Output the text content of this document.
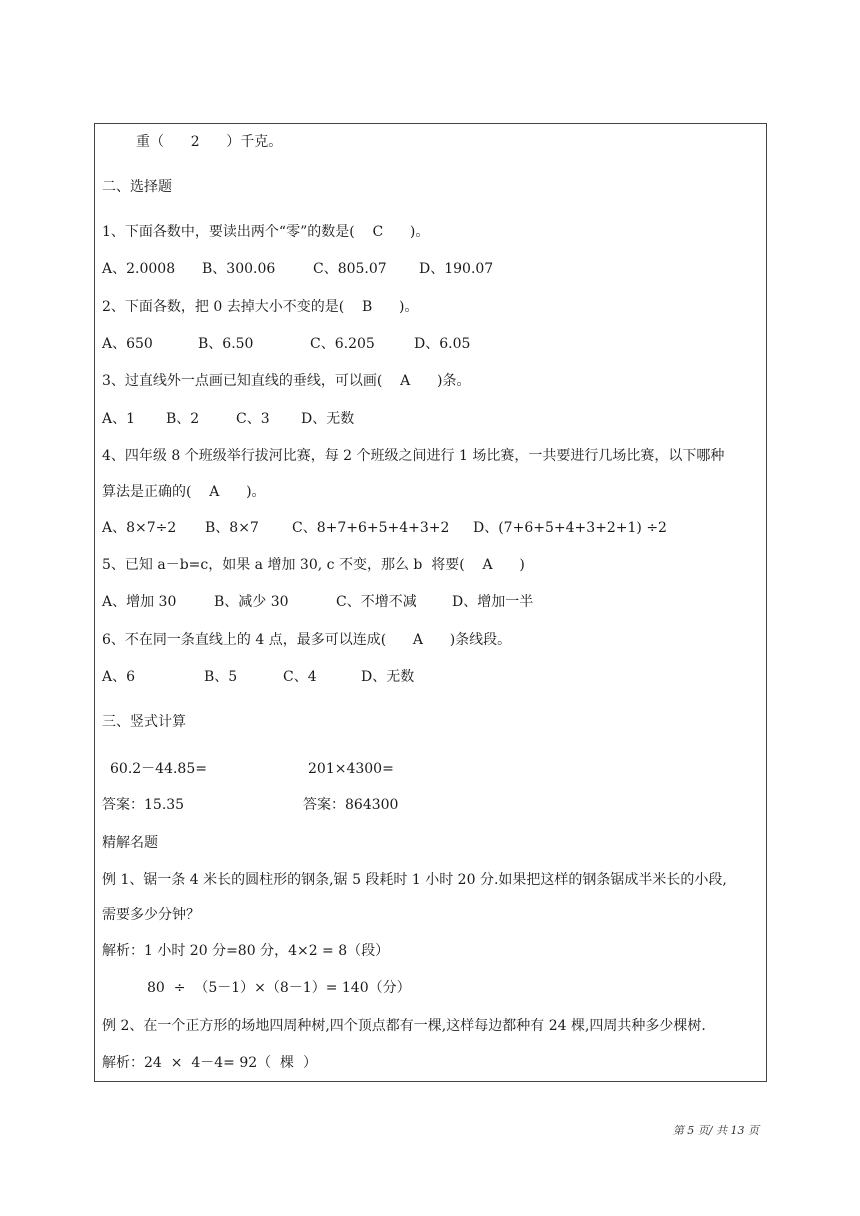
重（      2      ）千克。
二、选择题
1、下面各数中，要读出两个“零”的数是(    C      )。
A、2.0008 B、300.06	C、805.07 D、190.07
2、下面各数，把 0 去掉大小不变的是(    B      )。
A、650	B、6.50	C、6.205	D、6.05
3、过直线外一点画已知直线的垂线，可以画(    A      )条。
A、1 B、2	C、3 D、无数
4、四年级 8 个班级举行拔河比赛，每 2 个班级之间进行 1 场比赛，一共要进行几场比赛，以下哪种
算法是正确的(    A      )。
A、8×7÷2 B、8×7 C、8+7+6+5+4+3+2 D、(7+6+5+4+3+2+1) ÷2
5、已知 a－b=c，如果 a 增加 30, c 不变，那么 b  将要(    A      )
A、增加 30	B、减少 30	C、不增不减	D、增加一半
6、不在同一条直线上的 4 点，最多可以连成(      A      )条线段。
A、6	B、5	C、4	D、无数
三、竖式计算
60.2－44.85=	201×4300=
答案：15.35	答案：864300
精解名题
例 1、锯一条 4 米长的圆柱形的钢条,锯 5 段耗时 1 小时 20 分.如果把这样的钢条锯成半米长的小段,
需要多少分钟？
解析：1 小时 20 分=80 分，4×2 = 8（段）
80  ÷  （5－1）×（8－1）= 140（分）
例 2、在一个正方形的场地四周种树,四个顶点都有一棵,这样每边都种有 24 棵,四周共种多少棵树.
解析：24  ×  4－4= 92（  棵  ）
第 5 页/ 共 13 页
